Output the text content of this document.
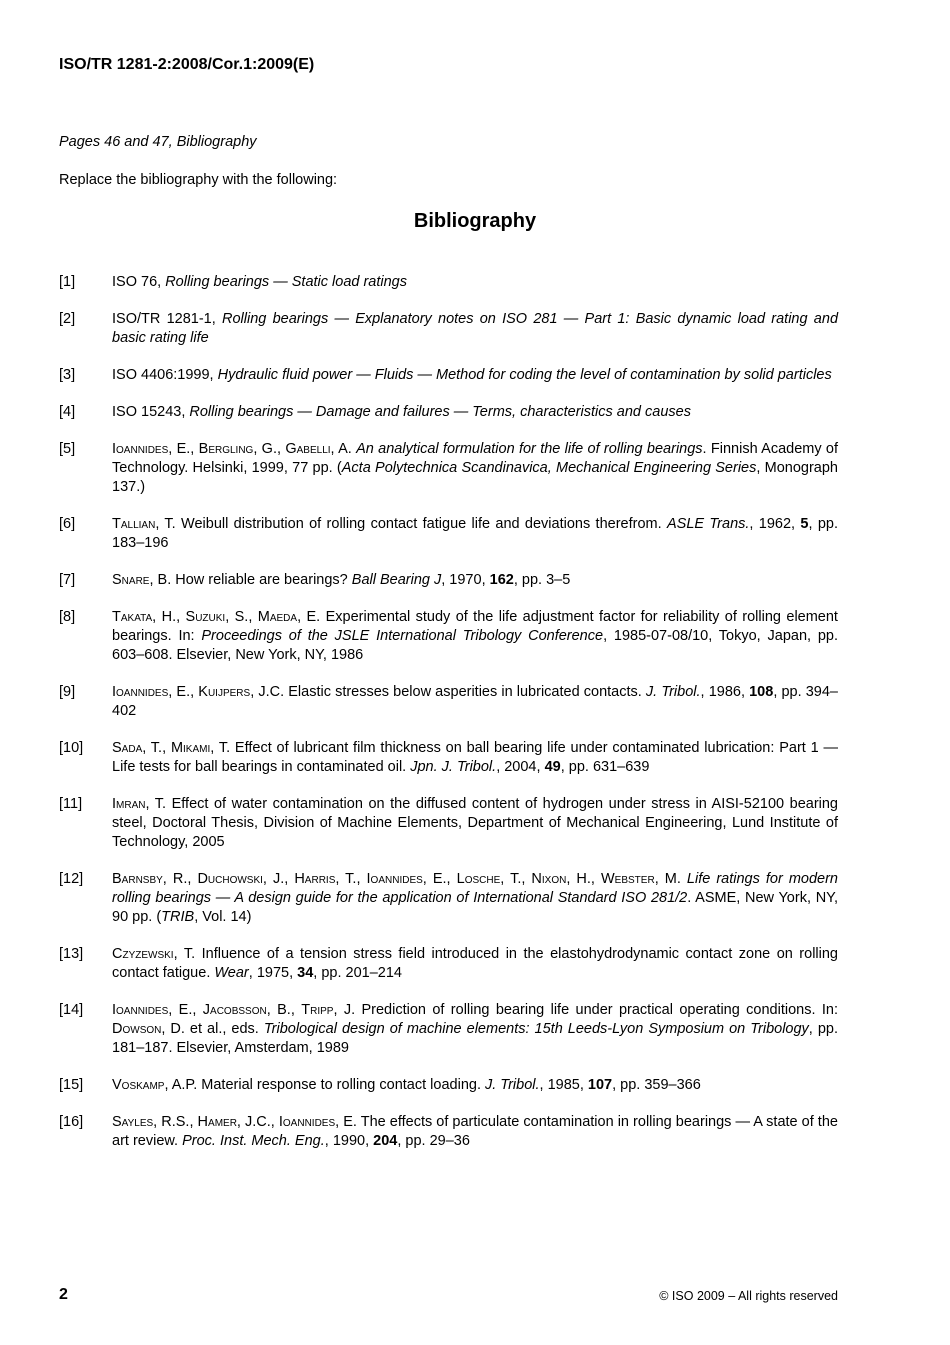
ISO/TR 1281-2:2008/Cor.1:2009(E)
Pages 46 and 47, Bibliography
Replace the bibliography with the following:
Bibliography
[1]	ISO 76, Rolling bearings — Static load ratings
[2]	ISO/TR 1281-1, Rolling bearings — Explanatory notes on ISO 281 — Part 1: Basic dynamic load rating and basic rating life
[3]	ISO 4406:1999, Hydraulic fluid power — Fluids — Method for coding the level of contamination by solid particles
[4]	ISO 15243, Rolling bearings — Damage and failures — Terms, characteristics and causes
[5]	Ioannides, E., Bergling, G., Gabelli, A. An analytical formulation for the life of rolling bearings. Finnish Academy of Technology. Helsinki, 1999, 77 pp. (Acta Polytechnica Scandinavica, Mechanical Engineering Series, Monograph 137.)
[6]	Tallian, T. Weibull distribution of rolling contact fatigue life and deviations therefrom. ASLE Trans., 1962, 5, pp. 183–196
[7]	Snare, B. How reliable are bearings? Ball Bearing J, 1970, 162, pp. 3–5
[8]	Takata, H., Suzuki, S., Maeda, E. Experimental study of the life adjustment factor for reliability of rolling element bearings. In: Proceedings of the JSLE International Tribology Conference, 1985-07-08/10, Tokyo, Japan, pp. 603–608. Elsevier, New York, NY, 1986
[9]	Ioannides, E., Kuijpers, J.C. Elastic stresses below asperities in lubricated contacts. J. Tribol., 1986, 108, pp. 394–402
[10] Sada, T., Mikami, T. Effect of lubricant film thickness on ball bearing life under contaminated lubrication: Part 1 — Life tests for ball bearings in contaminated oil. Jpn. J. Tribol., 2004, 49, pp. 631–639
[11] Imran, T. Effect of water contamination on the diffused content of hydrogen under stress in AISI-52100 bearing steel, Doctoral Thesis, Division of Machine Elements, Department of Mechanical Engineering, Lund Institute of Technology, 2005
[12] Barnsby, R., Duchowski, J., Harris, T., Ioannides, E., Losche, T., Nixon, H., Webster, M. Life ratings for modern rolling bearings — A design guide for the application of International Standard ISO 281/2. ASME, New York, NY, 90 pp. (TRIB, Vol. 14)
[13] Czyzewski, T. Influence of a tension stress field introduced in the elastohydrodynamic contact zone on rolling contact fatigue. Wear, 1975, 34, pp. 201–214
[14] Ioannides, E., Jacobsson, B., Tripp, J. Prediction of rolling bearing life under practical operating conditions. In: Dowson, D. et al., eds. Tribological design of machine elements: 15th Leeds-Lyon Symposium on Tribology, pp. 181–187. Elsevier, Amsterdam, 1989
[15] Voskamp, A.P. Material response to rolling contact loading. J. Tribol., 1985, 107, pp. 359–366
[16] Sayles, R.S., Hamer, J.C., Ioannides, E. The effects of particulate contamination in rolling bearings — A state of the art review. Proc. Inst. Mech. Eng., 1990, 204, pp. 29–36
2	© ISO 2009 – All rights reserved
